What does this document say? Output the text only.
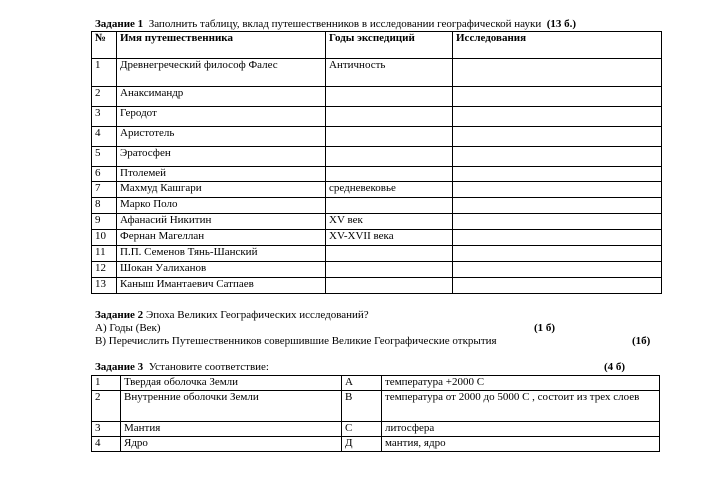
Задание 1 Заполнить таблицу, вклад путешественников в исследовании географической науки (13 б.)
№	Имя путешественника	Годы экспедиций	Исследования
1	Древнегреческий философ Фалес	Античность	
2	Анаксимандр		
3	Геродот		
4	Аристотель		
5	Эратосфен		
6	Птолемей		
7	Махмуд Кашгари	средневековье	
8	Марко Поло		
9	Афанасий Никитин	XV век	
10	Фернан Магеллан	XV-XVII века	
11	П.П. Семенов Тянь-Шанский		
12	Шокан Уалиханов		
13	Каныш Имантаевич Сатпаев		
Задание 2 Эпоха Великих Географических исследований?
А) Годы (Век)	(1 б)
В) Перечислить Путешественников совершившие Великие Географические открытия	(1б)
Задание 3 Установите соответствие:	(4 б)
1	Твердая оболочка Земли	А	температура +2000 С
2	Внутренние оболочки Земли	В	температура от 2000 до 5000 С , состоит из трех слоев
3	Мантия	С	литосфера
4	Ядро	Д	мантия, ядро
